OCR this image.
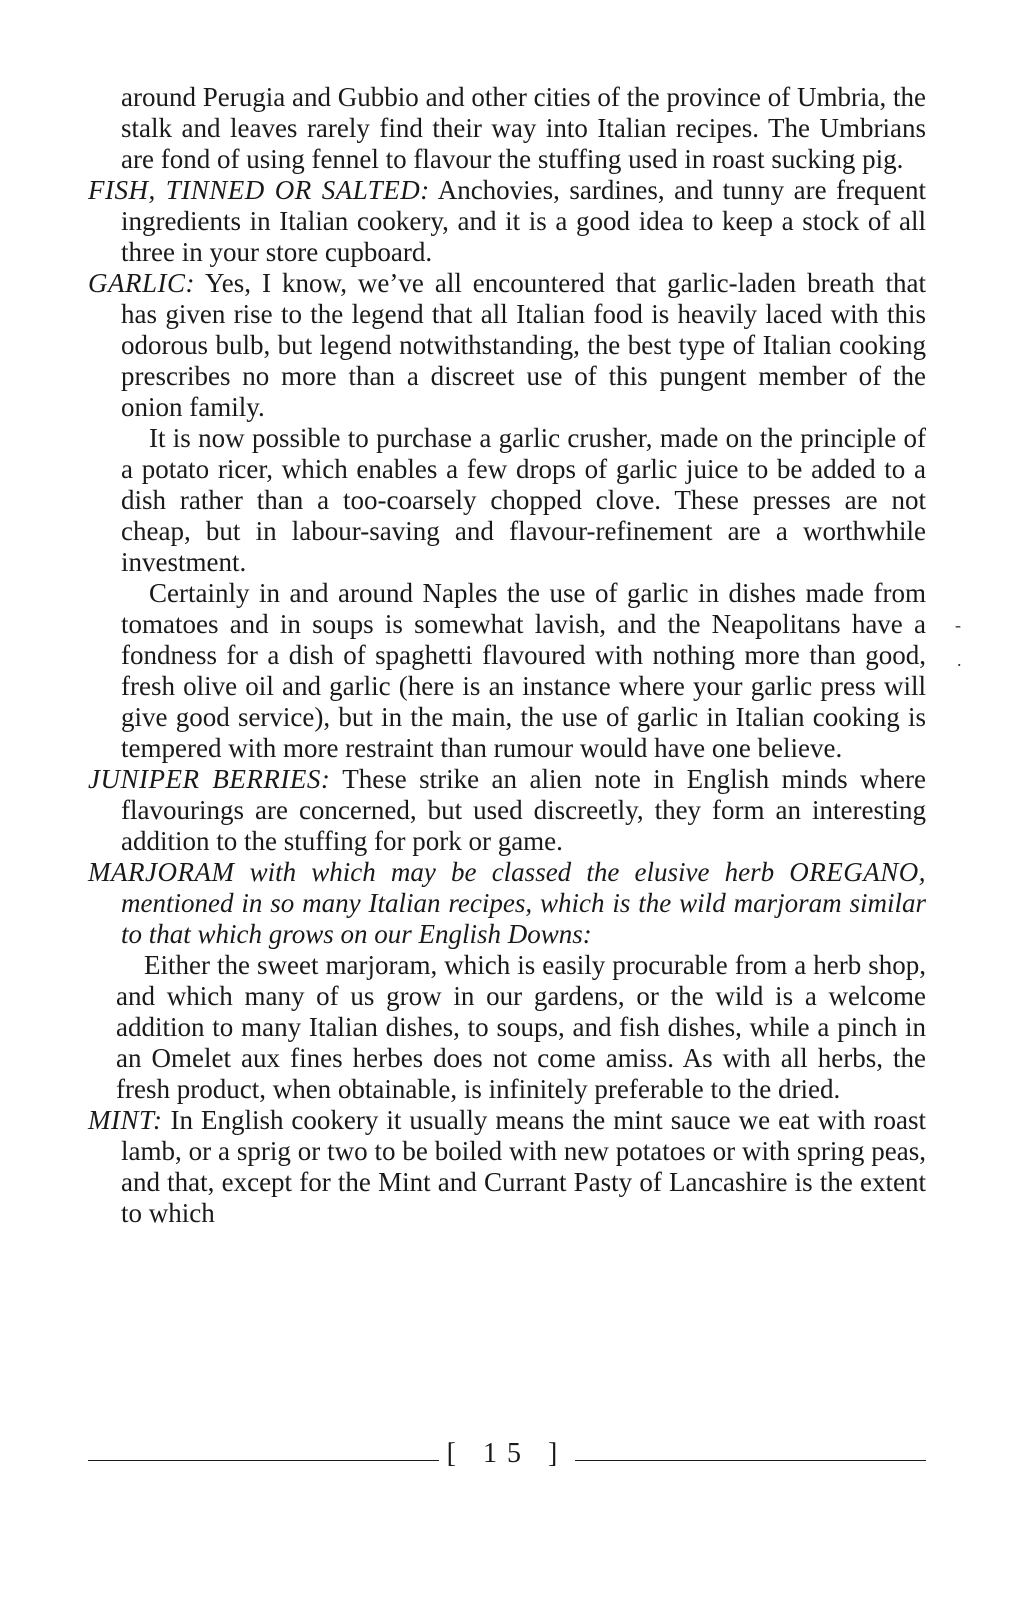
around Perugia and Gubbio and other cities of the province of Umbria, the stalk and leaves rarely find their way into Italian recipes. The Umbrians are fond of using fennel to flavour the stuffing used in roast sucking pig.

FISH, TINNED OR SALTED: Anchovies, sardines, and tunny are frequent ingredients in Italian cookery, and it is a good idea to keep a stock of all three in your store cupboard.

GARLIC: Yes, I know, we’ve all encountered that garlic-laden breath that has given rise to the legend that all Italian food is heavily laced with this odorous bulb, but legend notwithstanding, the best type of Italian cooking prescribes no more than a discreet use of this pungent member of the onion family.

It is now possible to purchase a garlic crusher, made on the principle of a potato ricer, which enables a few drops of garlic juice to be added to a dish rather than a too-coarsely chopped clove. These presses are not cheap, but in labour-saving and flavour-refinement are a worthwhile investment.

Certainly in and around Naples the use of garlic in dishes made from tomatoes and in soups is somewhat lavish, and the Neapolitans have a fondness for a dish of spaghetti flavoured with nothing more than good, fresh olive oil and garlic (here is an instance where your garlic press will give good service), but in the main, the use of garlic in Italian cooking is tempered with more restraint than rumour would have one believe.

JUNIPER BERRIES: These strike an alien note in English minds where flavourings are concerned, but used discreetly, they form an interesting addition to the stuffing for pork or game.

MARJORAM with which may be classed the elusive herb OREGANO, mentioned in so many Italian recipes, which is the wild marjoram similar to that which grows on our English Downs:

Either the sweet marjoram, which is easily procurable from a herb shop, and which many of us grow in our gardens, or the wild is a welcome addition to many Italian dishes, to soups, and fish dishes, while a pinch in an Omelet aux fines herbes does not come amiss. As with all herbs, the fresh product, when obtainable, is infinitely preferable to the dried.

MINT: In English cookery it usually means the mint sauce we eat with roast lamb, or a sprig or two to be boiled with new potatoes or with spring peas, and that, except for the Mint and Currant Pasty of Lancashire is the extent to which

-
.
[ 15 ]
